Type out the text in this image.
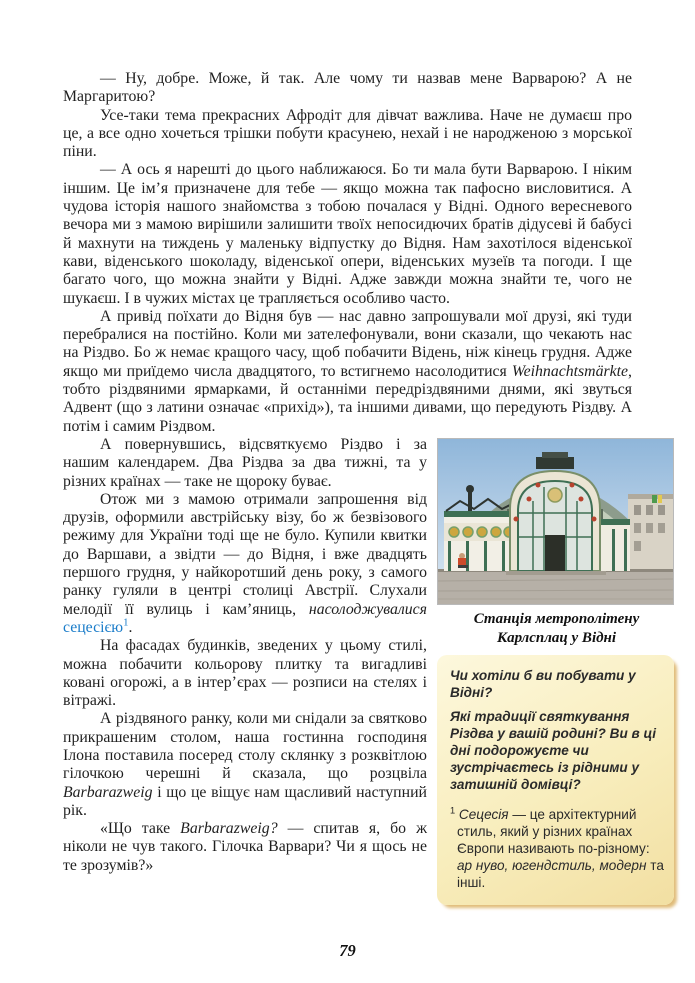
— Ну, добре. Може, й так. Але чому ти назвав мене Варварою? А не Маргаритою?

Усе-таки тема прекрасних Афродіт для дівчат важлива. Наче не думаєш про це, а все одно хочеться трішки побути красунею, нехай і не народженою з морської піни.

— А ось я нарешті до цього наближаюся. Бо ти мала бути Варварою. І ніким іншим. Це ім’я призначене для тебе — якщо можна так пафосно висловитися. А чудова історія нашого знайомства з тобою почалася у Відні. Одного вересневого вечора ми з мамою вирішили залишити твоїх непосидючих братів дідусеві й бабусі й махнути на тиждень у маленьку відпустку до Відня. Нам захотілося віденської кави, віденського шоколаду, віденської опери, віденських музеїв та погоди. І ще багато чого, що можна знайти у Відні. Адже завжди можна знайти те, чого не шукаєш. І в чужих містах це трапляється особливо часто.

А привід поїхати до Відня був — нас давно запрошували мої друзі, які туди перебралися на постійно. Коли ми зателефонували, вони сказали, що чекають нас на Різдво. Бо ж немає кращого часу, щоб побачити Відень, ніж кінець грудня. Адже якщо ми приїдемо числа двадцятого, то встигнемо насолодитися Weihnachtsmärkte, тобто різдвяними ярмарками, й останніми передріздвяними днями, які звуться Адвент (що з латини означає «прихід»), та іншими дивами, що передують Різдву. А потім і самим Різдвом.

Станція метрополітену
Карлсплац у Відні

Чи хотіли б ви побувати у Відні?

Які традиції святкування Різдва у вашій родині? Ви в ці дні подорожуєте чи зустрічаєтесь із рідними у затишній домівці?

$^1$ Сецесія — це архітектурний стиль, який у різних країнах Європи називають по-різному: ар нуво, югендстиль, модерн та інші.

А повернувшись, відсвяткуємо Різдво і за нашим календарем. Два Різдва за два тижні, та у різних країнах — таке не щороку буває.

Отож ми з мамою отримали запрошення від друзів, оформили австрійську візу, бо ж безвізового режиму для України тоді ще не було. Купили квитки до Варшави, а звідти — до Відня, і вже двадцять першого грудня, у найкоротший день року, з самого ранку гуляли в центрі столиці Австрії. Слухали мелодії її вулиць і кам’яниць, насолоджувалися сецесією$^1$.

На фасадах будинків, зведених у цьому стилі, можна побачити кольорову плитку та вигадливі ковані огорожі, а в інтер’єрах — розписи на стелях і вітражі.

А різдвяного ранку, коли ми снідали за святково прикрашеним столом, наша гостинна господиня Ілона поставила посеред столу склянку з розквітлою гілочкою черешні й сказала, що розцвіла Barbarazweig і що це віщує нам щасливий наступний рік.

«Що таке Barbarazweig? — спитав я, бо ж ніколи не чув такого. Гілочка Варвари? Чи я щось не те зрозумів?»

79
